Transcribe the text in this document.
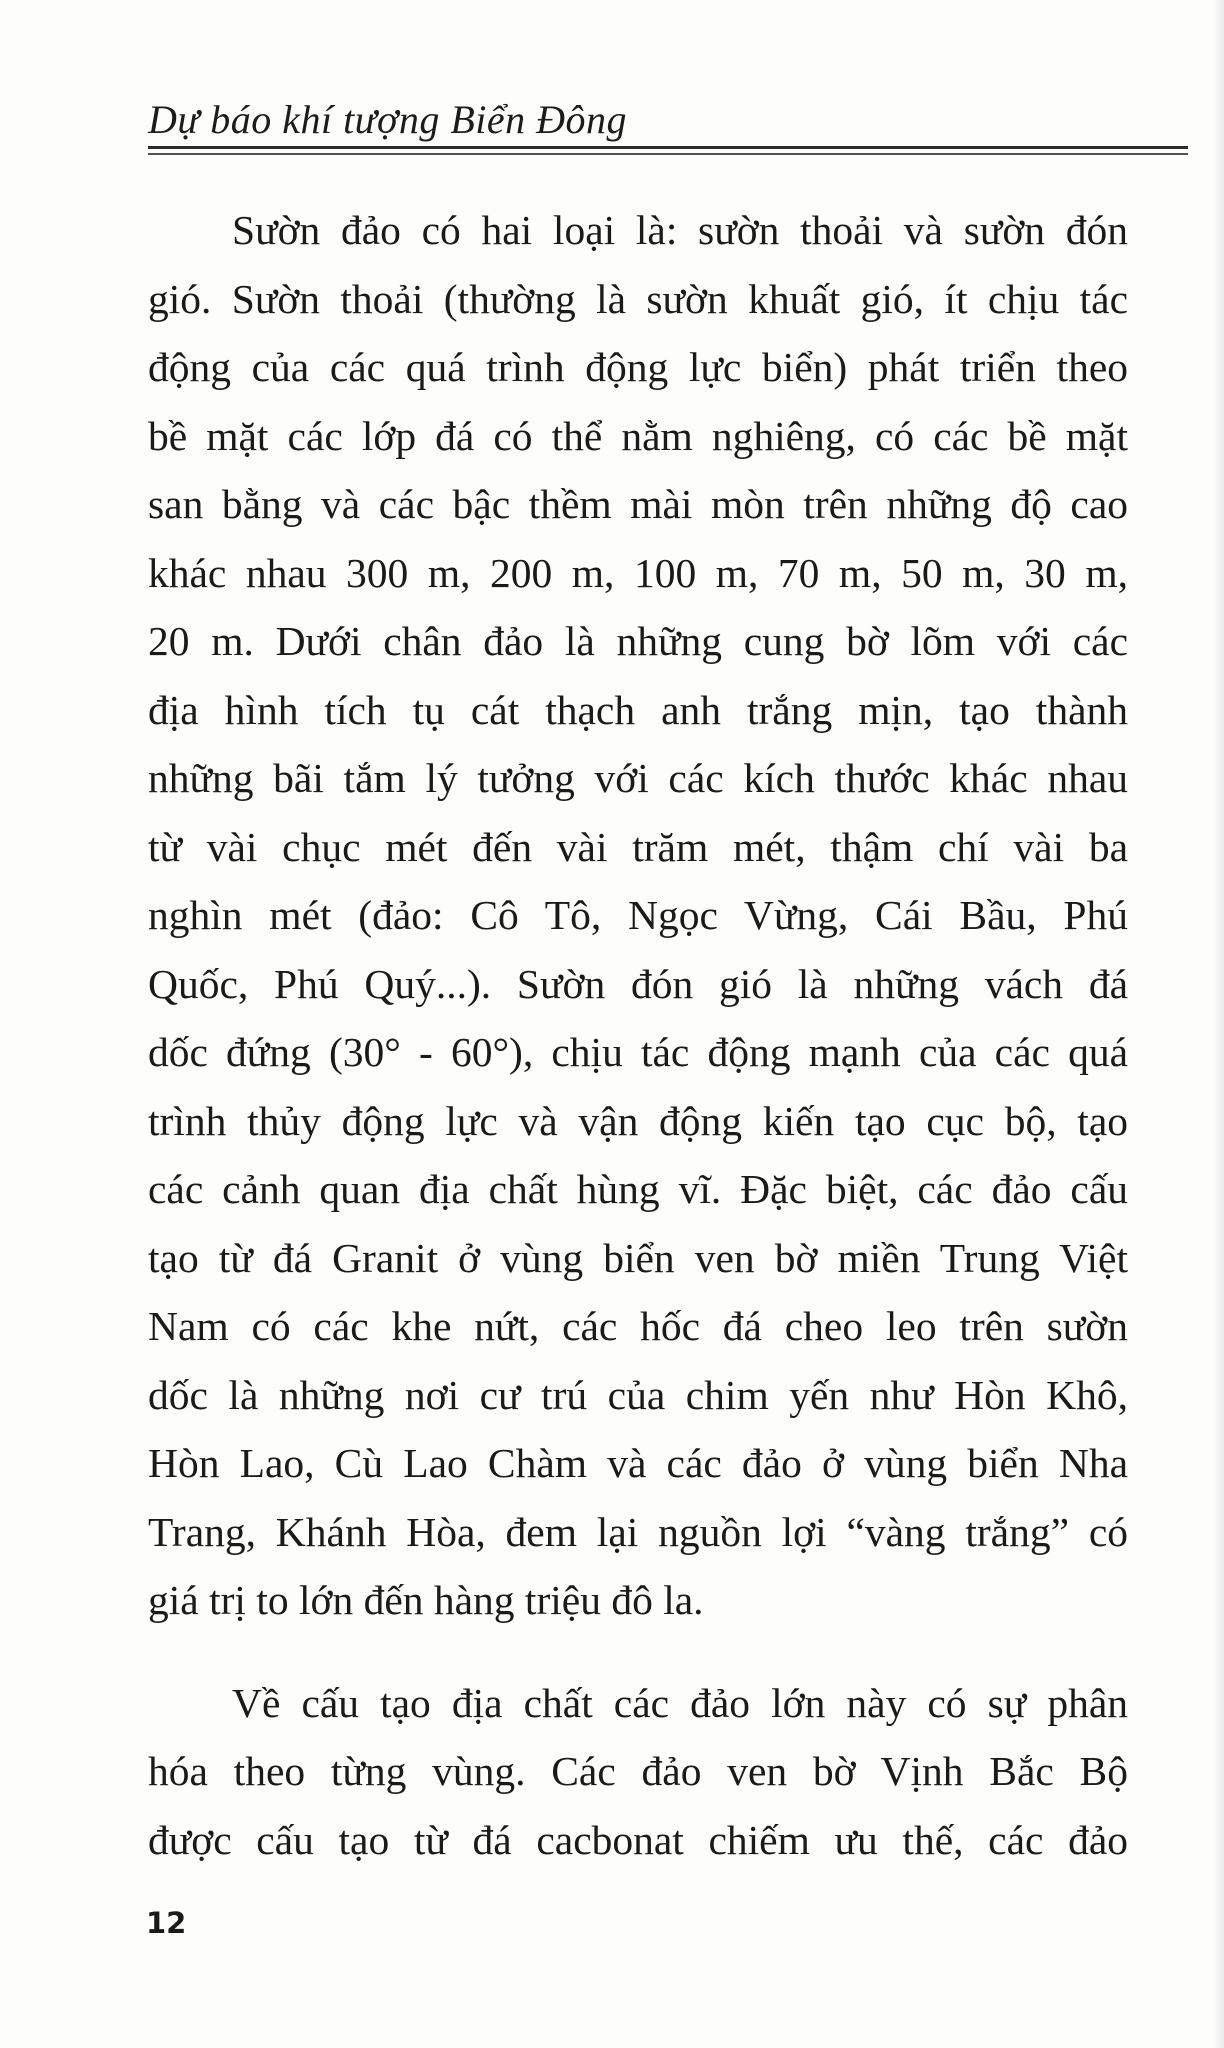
Dự báo khí tượng Biển Đông
Sườn đảo có hai loại là: sườn thoải và sườn đón
gió. Sườn thoải (thường là sườn khuất gió, ít chịu tác
động của các quá trình động lực biển) phát triển theo
bề mặt các lớp đá có thể nằm nghiêng, có các bề mặt
san bằng và các bậc thềm mài mòn trên những độ cao
khác nhau 300 m, 200 m, 100 m, 70 m, 50 m, 30 m,
20 m. Dưới chân đảo là những cung bờ lõm với các
địa hình tích tụ cát thạch anh trắng mịn, tạo thành
những bãi tắm lý tưởng với các kích thước khác nhau
từ vài chục mét đến vài trăm mét, thậm chí vài ba
nghìn mét (đảo: Cô Tô, Ngọc Vừng, Cái Bầu, Phú
Quốc, Phú Quý...). Sườn đón gió là những vách đá
dốc đứng (30° - 60°), chịu tác động mạnh của các quá
trình thủy động lực và vận động kiến tạo cục bộ, tạo
các cảnh quan địa chất hùng vĩ. Đặc biệt, các đảo cấu
tạo từ đá Granit ở vùng biển ven bờ miền Trung Việt
Nam có các khe nứt, các hốc đá cheo leo trên sườn
dốc là những nơi cư trú của chim yến như Hòn Khô,
Hòn Lao, Cù Lao Chàm và các đảo ở vùng biển Nha
Trang, Khánh Hòa, đem lại nguồn lợi “vàng trắng” có
giá trị to lớn đến hàng triệu đô la.
Về cấu tạo địa chất các đảo lớn này có sự phân
hóa theo từng vùng. Các đảo ven bờ Vịnh Bắc Bộ
được cấu tạo từ đá cacbonat chiếm ưu thế, các đảo
12
